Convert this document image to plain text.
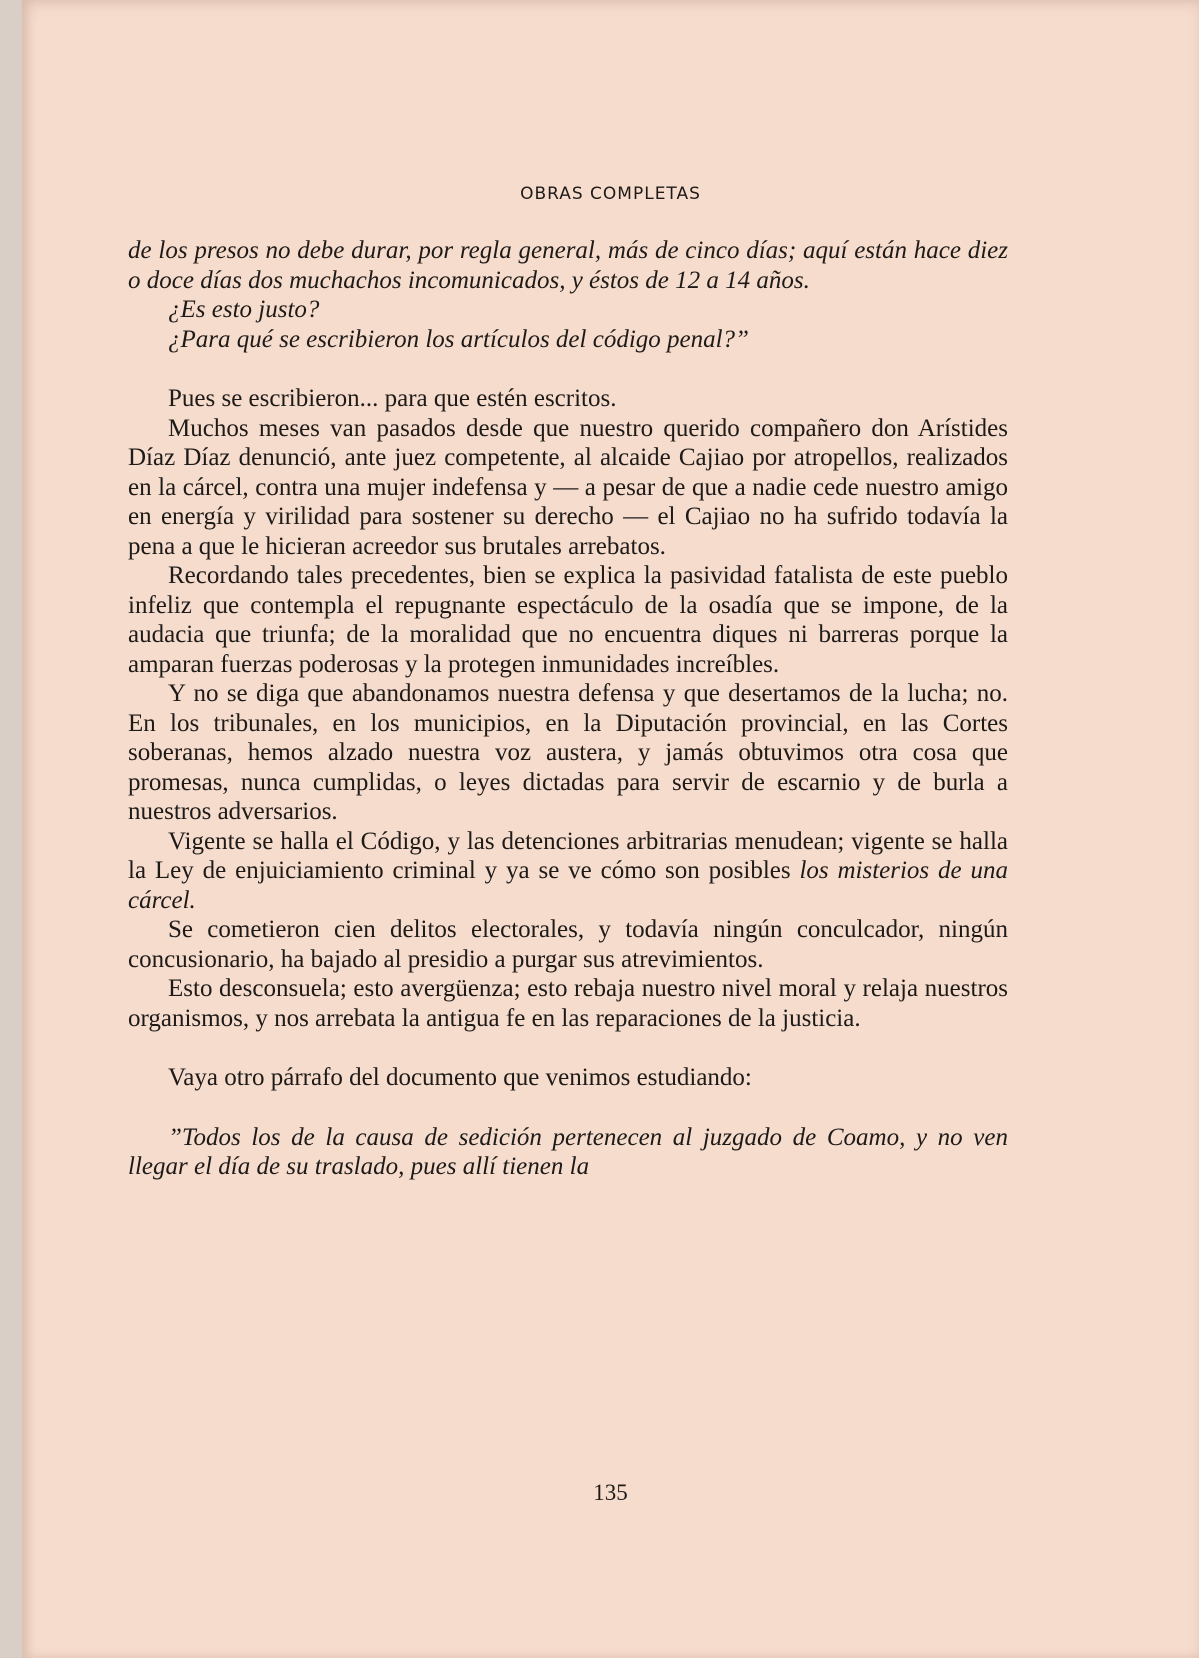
OBRAS COMPLETAS

de los presos no debe durar, por regla general, más de cinco días; aquí están hace diez o doce días dos muchachos incomunicados, y éstos de 12 a 14 años.

¿Es esto justo?

¿Para qué se escribieron los artículos del código penal?”

Pues se escribieron... para que estén escritos.

Muchos meses van pasados desde que nuestro querido compañero don Arístides Díaz Díaz denunció, ante juez competente, al alcaide Cajiao por atropellos, realizados en la cárcel, contra una mujer indefensa y — a pesar de que a nadie cede nuestro amigo en energía y virilidad para sostener su derecho — el Cajiao no ha sufrido todavía la pena a que le hicieran acreedor sus brutales arrebatos.

Recordando tales precedentes, bien se explica la pasividad fatalista de este pueblo infeliz que contempla el repugnante espectáculo de la osadía que se impone, de la audacia que triunfa; de la moralidad que no encuentra diques ni barreras porque la amparan fuerzas poderosas y la protegen inmunidades increíbles.

Y no se diga que abandonamos nuestra defensa y que desertamos de la lucha; no. En los tribunales, en los municipios, en la Diputación provincial, en las Cortes soberanas, hemos alzado nuestra voz austera, y jamás obtuvimos otra cosa que promesas, nunca cumplidas, o leyes dictadas para servir de escarnio y de burla a nuestros adversarios.

Vigente se halla el Código, y las detenciones arbitrarias menudean; vigente se halla la Ley de enjuiciamiento criminal y ya se ve cómo son posibles los misterios de una cárcel.

Se cometieron cien delitos electorales, y todavía ningún conculcador, ningún concusionario, ha bajado al presidio a purgar sus atrevimientos.

Esto desconsuela; esto avergüenza; esto rebaja nuestro nivel moral y relaja nuestros organismos, y nos arrebata la antigua fe en las reparaciones de la justicia.

Vaya otro párrafo del documento que venimos estudiando:

”Todos los de la causa de sedición pertenecen al juzgado de Coamo, y no ven llegar el día de su traslado, pues allí tienen la

135
